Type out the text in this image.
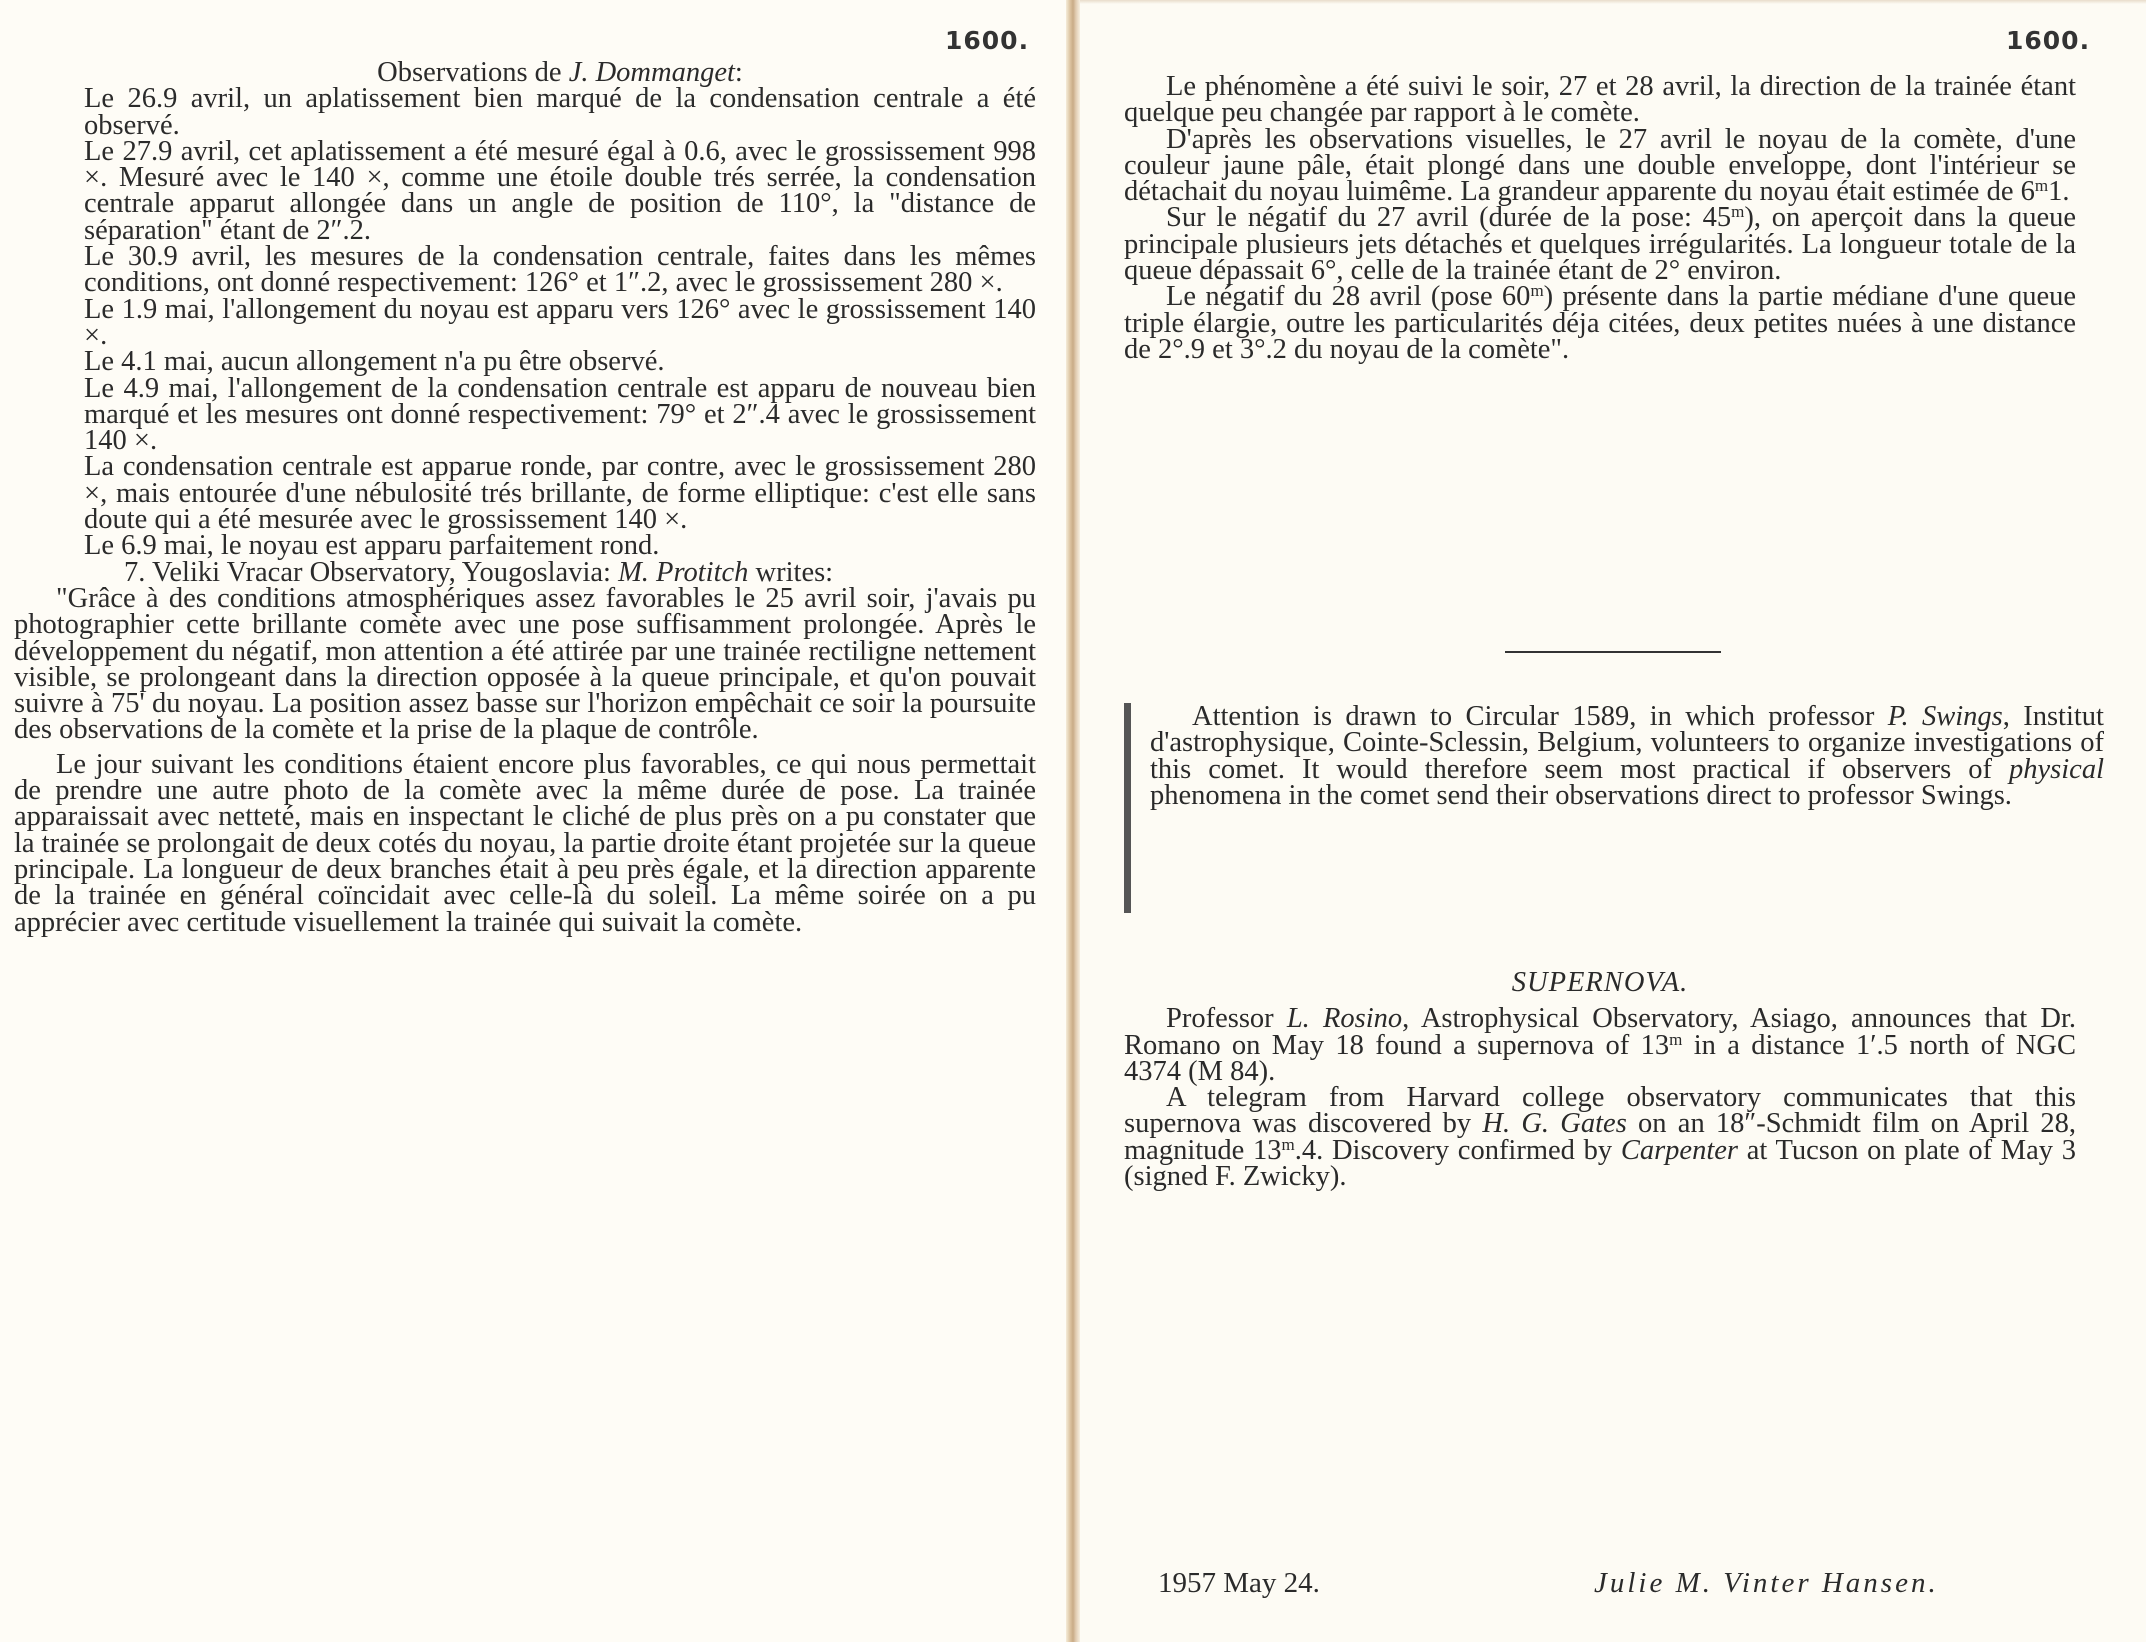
1600.

Observations de J. Dommanget:

Le 26.9 avril, un aplatissement bien marqué de la condensation centrale a été observé.

Le 27.9 avril, cet aplatissement a été mesuré égal à 0.6, avec le grossissement 998 ×. Mesuré avec le 140 ×, comme une étoile double trés serrée, la condensation centrale apparut allongée dans un angle de position de 110°, la "distance de séparation" étant de 2″.2.

Le 30.9 avril, les mesures de la condensation centrale, faites dans les mêmes conditions, ont donné respectivement: 126° et 1″.2, avec le grossissement 280 ×.

Le 1.9 mai, l'allongement du noyau est apparu vers 126° avec le grossissement 140 ×.

Le 4.1 mai, aucun allongement n'a pu être observé.

Le 4.9 mai, l'allongement de la condensation centrale est apparu de nouveau bien marqué et les mesures ont donné respectivement: 79° et 2″.4 avec le grossissement 140 ×.

La condensation centrale est apparue ronde, par contre, avec le grossissement 280 ×, mais entourée d'une nébulosité trés brillante, de forme elliptique: c'est elle sans doute qui a été mesurée avec le grossissement 140 ×.

Le 6.9 mai, le noyau est apparu parfaitement rond.

7. Veliki Vracar Observatory, Yougoslavia: M. Protitch writes:

"Grâce à des conditions atmosphériques assez favorables le 25 avril soir, j'avais pu photographier cette brillante comète avec une pose suffisamment prolongée. Après le développement du négatif, mon attention a été attirée par une trainée rectiligne nettement visible, se prolongeant dans la direction opposée à la queue principale, et qu'on pouvait suivre à 75' du noyau. La position assez basse sur l'horizon empêchait ce soir la poursuite des observations de la comète et la prise de la plaque de contrôle.

Le jour suivant les conditions étaient encore plus favorables, ce qui nous permettait de prendre une autre photo de la comète avec la même durée de pose. La trainée apparaissait avec netteté, mais en inspectant le cliché de plus près on a pu constater que la trainée se prolongait de deux cotés du noyau, la partie droite étant projetée sur la queue principale. La longueur de deux branches était à peu près égale, et la direction apparente de la trainée en général coïncidait avec celle-là du soleil. La même soirée on a pu apprécier avec certitude visuellement la trainée qui suivait la comète.

1600.

Le phénomène a été suivi le soir, 27 et 28 avril, la direction de la trainée étant quelque peu changée par rapport à le comète.

D'après les observations visuelles, le 27 avril le noyau de la comète, d'une couleur jaune pâle, était plongé dans une double enveloppe, dont l'intérieur se détachait du noyau luimême. La grandeur apparente du noyau était estimée de 6$^m$1.

Sur le négatif du 27 avril (durée de la pose: 45$^m$), on aperçoit dans la queue principale plusieurs jets détachés et quelques irrégularités. La longueur totale de la queue dépassait 6°, celle de la trainée étant de 2° environ.

Le négatif du 28 avril (pose 60$^m$) présente dans la partie médiane d'une queue triple élargie, outre les particularités déja citées, deux petites nuées à une distance de 2°.9 et 3°.2 du noyau de la comète".

Attention is drawn to Circular 1589, in which professor P. Swings, Institut d'astrophysique, Cointe-Sclessin, Belgium, volunteers to organize investigations of this comet. It would therefore seem most practical if observers of physical phenomena in the comet send their observations direct to professor Swings.

SUPERNOVA.

Professor L. Rosino, Astrophysical Observatory, Asiago, announces that Dr. Romano on May 18 found a supernova of 13$^m$ in a distance 1′.5 north of NGC 4374 (M 84).

A telegram from Harvard college observatory communicates that this supernova was discovered by H. G. Gates on an 18″-Schmidt film on April 28, magnitude 13$^m$.4. Discovery confirmed by Carpenter at Tucson on plate of May 3 (signed F. Zwicky).

1957 May 24.	Julie M. Vinter Hansen.
